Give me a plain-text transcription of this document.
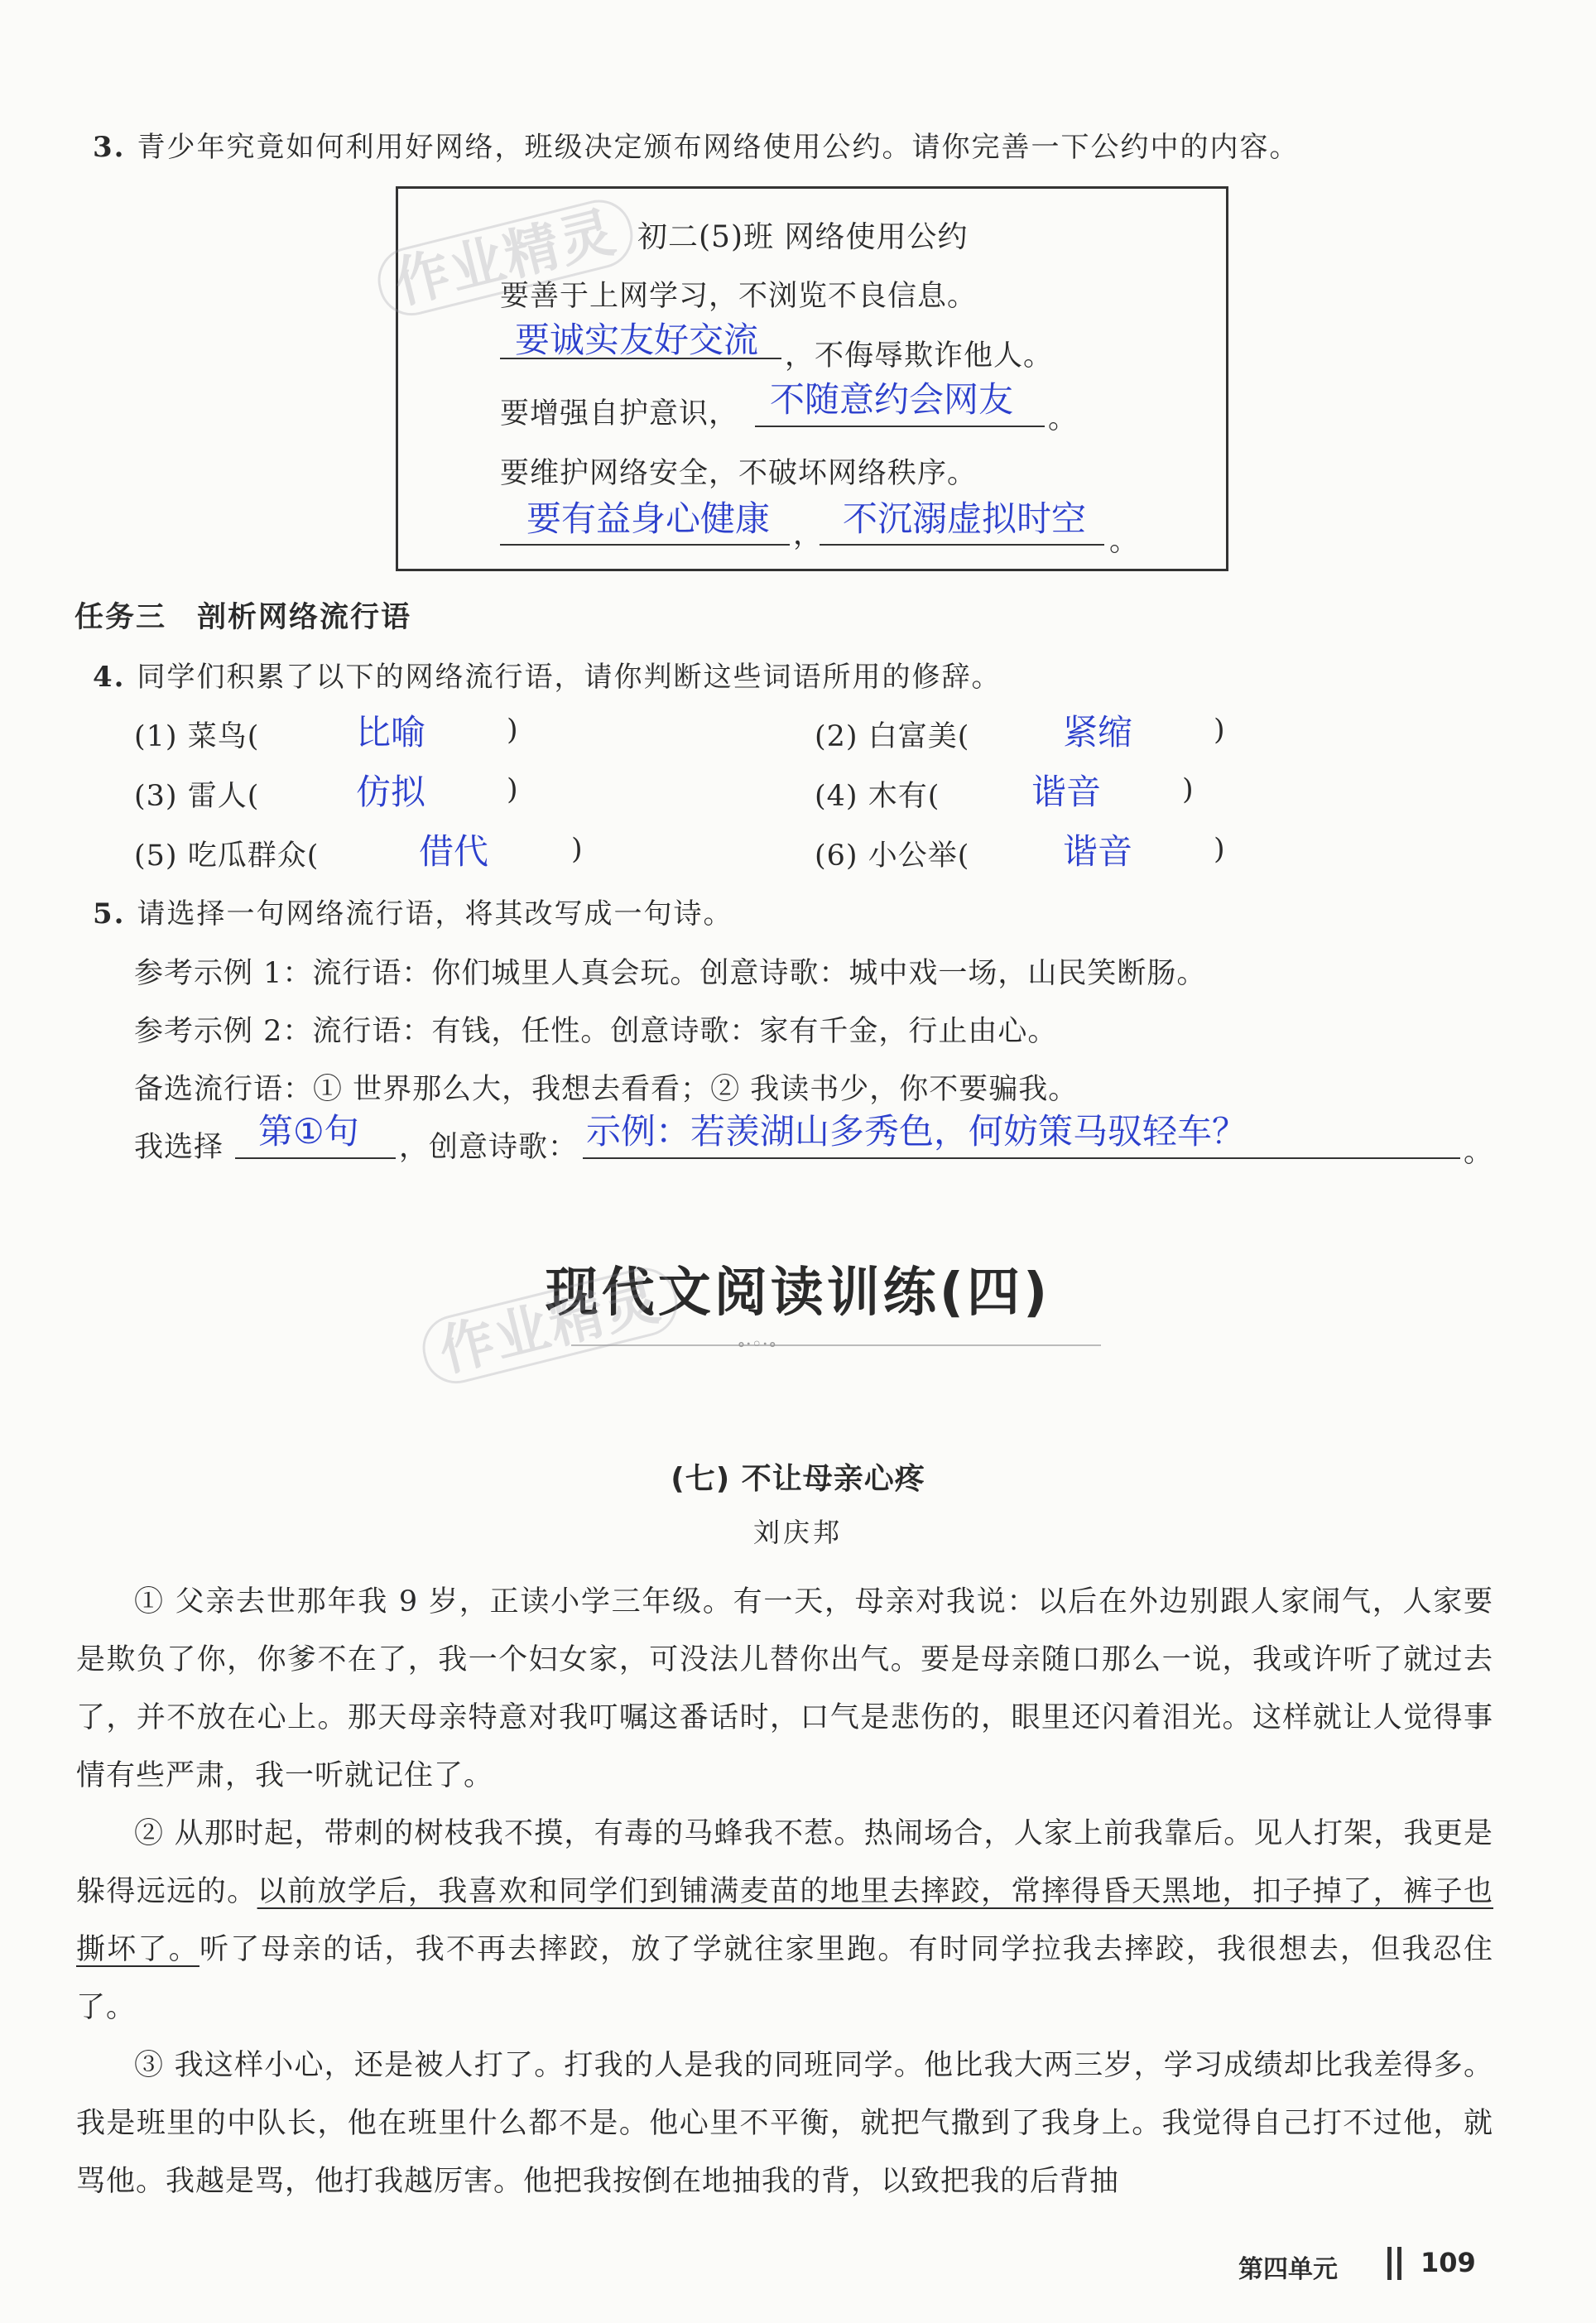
3. 青少年究竟如何利用好网络，班级决定颁布网络使用公约。请你完善一下公约中的内容。
初二(5)班 网络使用公约
要善于上网学习，不浏览不良信息。
要诚实友好交流 ，不侮辱欺诈他人。
要增强自护意识， 不随意约会网友 。
要维护网络安全，不破坏网络秩序。
要有益身心健康 ， 不沉溺虚拟时空
。
作业精灵
任务三　剖析网络流行语
4. 同学们积累了以下的网络流行语，请你判断这些词语所用的修辞。
(1) 菜鸟(	比喻	)	(2) 白富美(	紧缩	)
(3) 雷人(	仿拟	)	(4) 木有(	谐音	)
(5) 吃瓜群众(	借代	)	(6) 小公举(	谐音	)
5. 请选择一句网络流行语，将其改写成一句诗。
参考示例 1：流行语：你们城里人真会玩。创意诗歌：城中戏一场，山民笑断肠。
参考示例 2：流行语：有钱，任性。创意诗歌：家有千金，行止由心。
备选流行语：① 世界那么大，我想去看看；② 我读书少，你不要骗我。
我选择 第①句 ，创意诗歌： 示例：若羡湖山多秀色，何妨策马驭轻车？
。
现代文阅读训练(四)
∘·◦·∘
作业精灵
(七) 不让母亲心疼
刘庆邦
① 父亲去世那年我 9 岁，正读小学三年级。有一天，母亲对我说：以后在外边别跟人家闹气，人家要是欺负了你，你爹不在了，我一个妇女家，可没法儿替你出气。要是母亲随口那么一说，我或许听了就过去了，并不放在心上。那天母亲特意对我叮嘱这番话时，口气是悲伤的，眼里还闪着泪光。这样就让人觉得事情有些严肃，我一听就记住了。
② 从那时起，带刺的树枝我不摸，有毒的马蜂我不惹。热闹场合，人家上前我靠后。见人打架，我更是躲得远远的。以前放学后，我喜欢和同学们到铺满麦苗的地里去摔跤，常摔得昏天黑地，扣子掉了，裤子也撕坏了。听了母亲的话，我不再去摔跤，放了学就往家里跑。有时同学拉我去摔跤，我很想去，但我忍住了。
③ 我这样小心，还是被人打了。打我的人是我的同班同学。他比我大两三岁，学习成绩却比我差得多。我是班里的中队长，他在班里什么都不是。他心里不平衡，就把气撒到了我身上。我觉得自己打不过他，就骂他。我越是骂，他打我越厉害。他把我按倒在地抽我的背，以致把我的后背抽
第四单元	109
